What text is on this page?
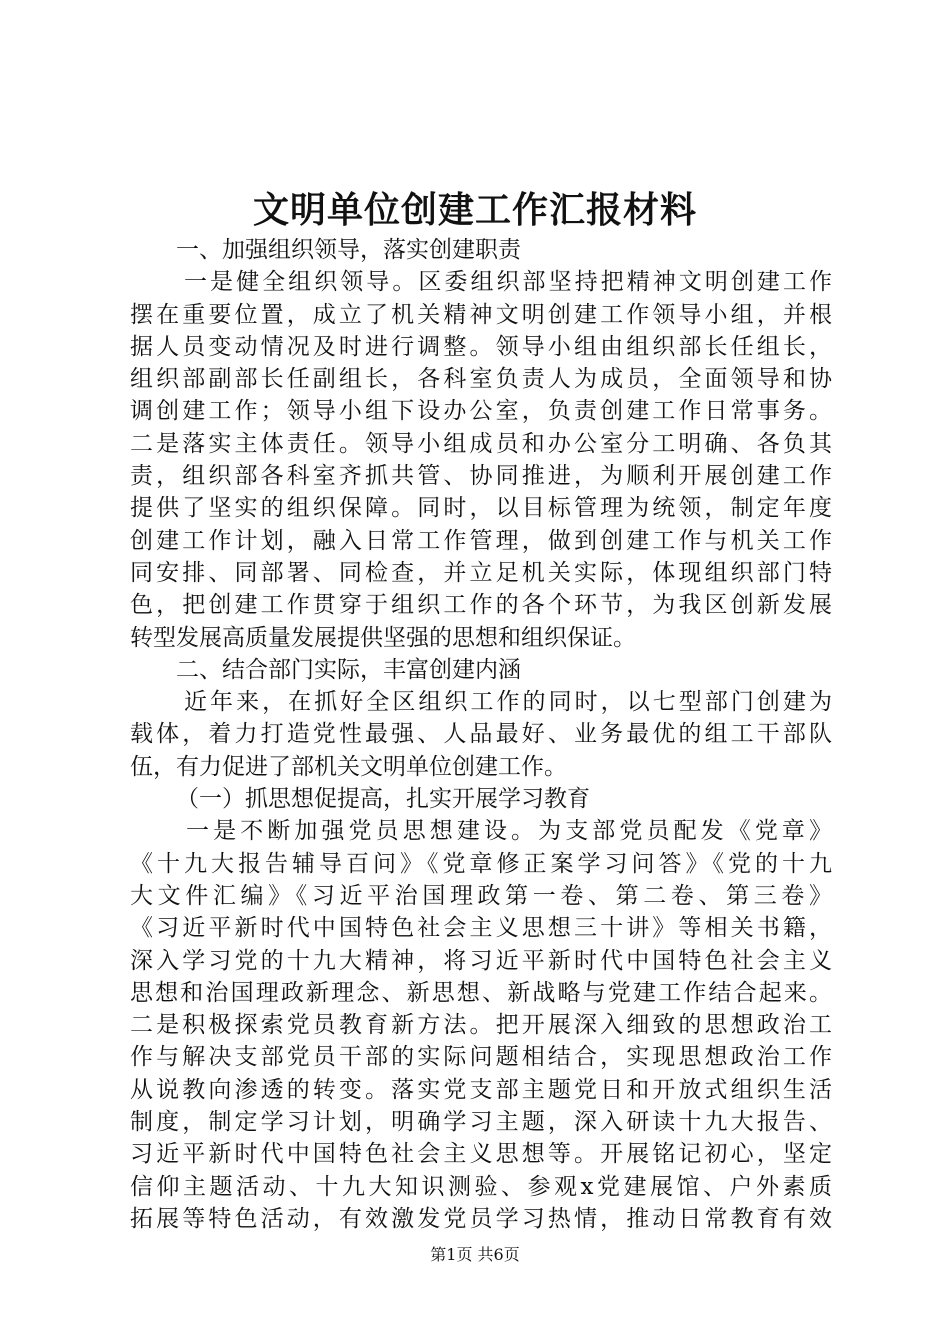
文明单位创建工作汇报材料
一、加强组织领导，落实创建职责
一是健全组织领导。区委组织部坚持把精神文明创建工作
摆在重要位置，成立了机关精神文明创建工作领导小组，并根
据人员变动情况及时进行调整。领导小组由组织部长任组长，
组织部副部长任副组长，各科室负责人为成员，全面领导和协
调创建工作；领导小组下设办公室，负责创建工作日常事务。
二是落实主体责任。领导小组成员和办公室分工明确、各负其
责，组织部各科室齐抓共管、协同推进，为顺利开展创建工作
提供了坚实的组织保障。同时，以目标管理为统领，制定年度
创建工作计划，融入日常工作管理，做到创建工作与机关工作
同安排、同部署、同检查，并立足机关实际，体现组织部门特
色，把创建工作贯穿于组织工作的各个环节，为我区创新发展
转型发展高质量发展提供坚强的思想和组织保证。
二、结合部门实际，丰富创建内涵
近年来，在抓好全区组织工作的同时，以七型部门创建为
载体，着力打造党性最强、人品最好、业务最优的组工干部队
伍，有力促进了部机关文明单位创建工作。
（一）抓思想促提高，扎实开展学习教育
一是不断加强党员思想建设。为支部党员配发《党章》
《十九大报告辅导百问》《党章修正案学习问答》《党的十九
大文件汇编》《习近平治国理政第一卷、第二卷、第三卷》
《习近平新时代中国特色社会主义思想三十讲》等相关书籍，
深入学习党的十九大精神，将习近平新时代中国特色社会主义
思想和治国理政新理念、新思想、新战略与党建工作结合起来。
二是积极探索党员教育新方法。把开展深入细致的思想政治工
作与解决支部党员干部的实际问题相结合，实现思想政治工作
从说教向渗透的转变。落实党支部主题党日和开放式组织生活
制度，制定学习计划，明确学习主题，深入研读十九大报告、
习近平新时代中国特色社会主义思想等。开展铭记初心，坚定
信仰主题活动、十九大知识测验、参观x党建展馆、户外素质
拓展等特色活动，有效激发党员学习热情，推动日常教育有效
第1页 共6页
